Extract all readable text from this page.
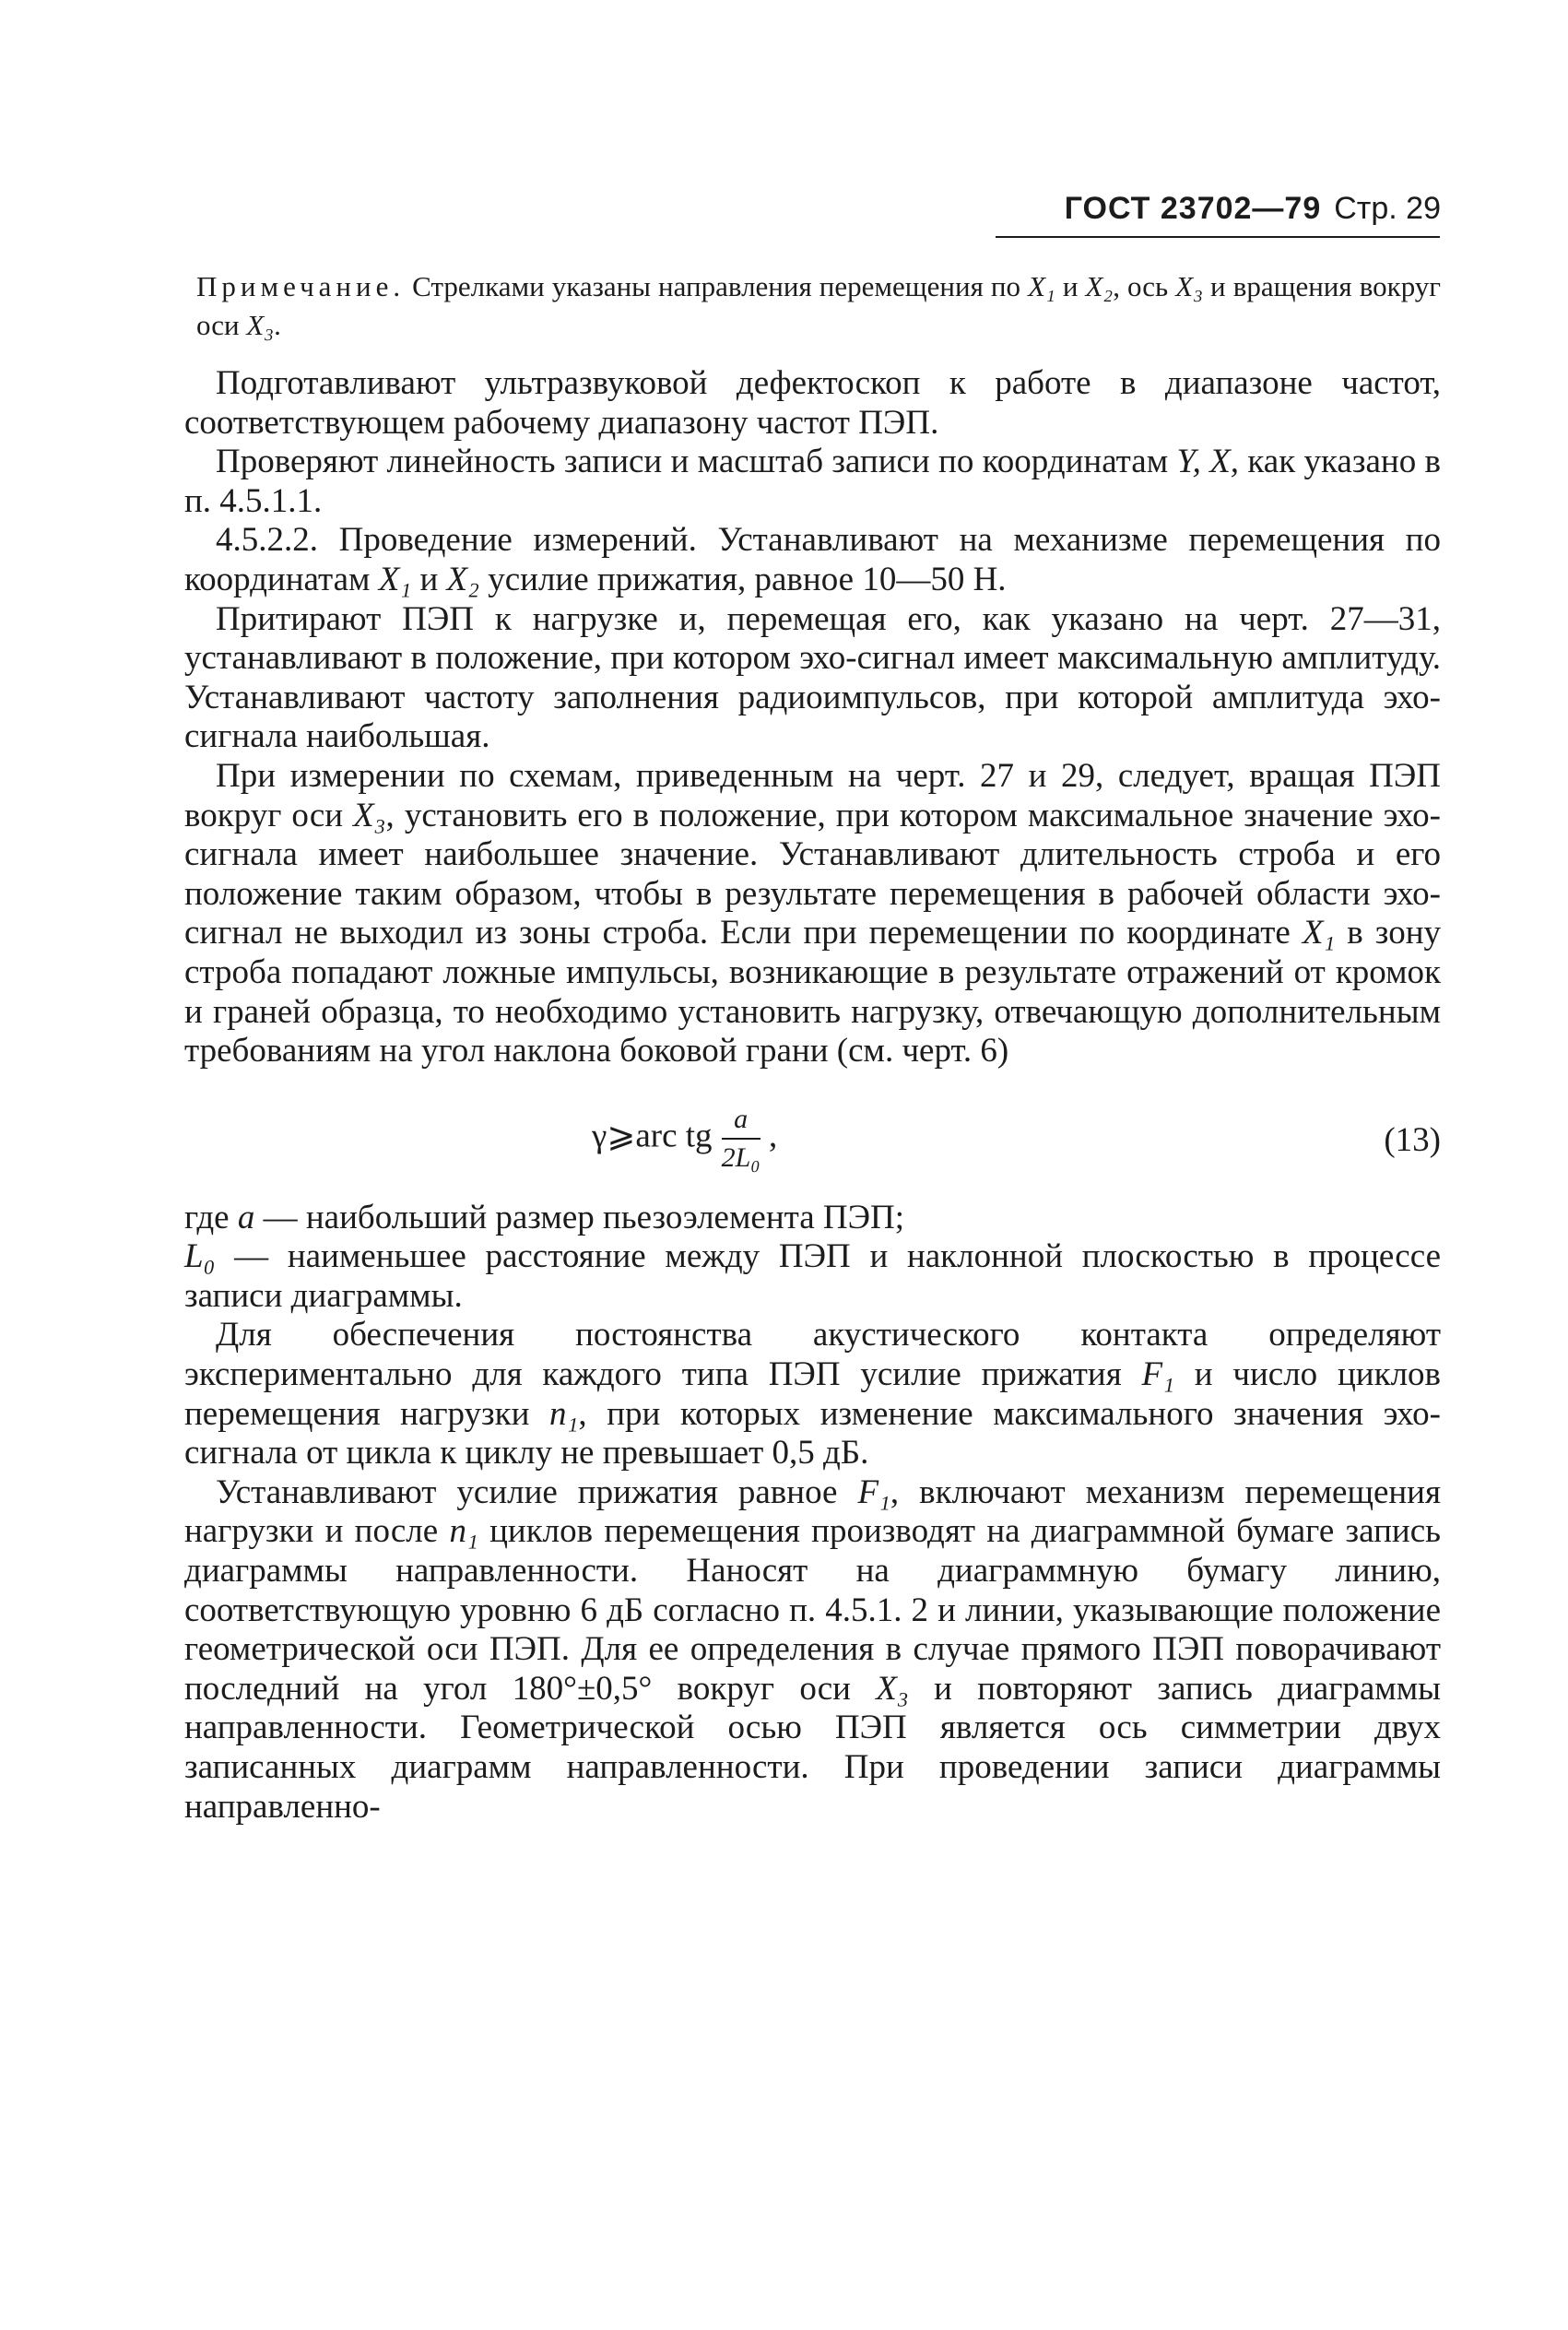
ГОСТ 23702—79 Стр. 29
Примечание. Стрелками указаны направления перемещения по X₁ и X₂, ось X₃ и вращения вокруг оси X₃.

Подготавливают ультразвуковой дефектоскоп к работе в диапазоне частот, соответствующем рабочему диапазону частот ПЭП.

Проверяют линейность записи и масштаб записи по координатам Y, X, как указано в п. 4.5.1.1.

4.5.2.2. Проведение измерений. Устанавливают на механизме перемещения по координатам X₁ и X₂ усилие прижатия, равное 10—50 Н.

Притирают ПЭП к нагрузке и, перемещая его, как указано на черт. 27—31, устанавливают в положение, при котором эхо-сигнал имеет максимальную амплитуду. Устанавливают частоту заполнения радиоимпульсов, при которой амплитуда эхо-сигнала наибольшая.

При измерении по схемам, приведенным на черт. 27 и 29, следует, вращая ПЭП вокруг оси X₃, установить его в положение, при котором максимальное значение эхо-сигнала имеет наибольшее значение. Устанавливают длительность строба и его положение таким образом, чтобы в результате перемещения в рабочей области эхо-сигнал не выходил из зоны строба. Если при перемещении по координате X₁ в зону строба попадают ложные импульсы, возникающие в результате отражений от кромок и граней образца, то необходимо установить нагрузку, отвечающую дополнительным требованиям на угол наклона боковой грани (см. черт. 6)

γ⩾arc tg $\frac{a}{\text{2L₀}}$ ,	(13)

где a — наибольший размер пьезоэлемента ПЭП;

L₀ — наименьшее расстояние между ПЭП и наклонной плоскостью в процессе записи диаграммы.

Для обеспечения постоянства акустического контакта определяют экспериментально для каждого типа ПЭП усилие прижатия F₁ и число циклов перемещения нагрузки n₁, при которых изменение максимального значения эхо-сигнала от цикла к циклу не превышает 0,5 дБ.

Устанавливают усилие прижатия равное F₁, включают механизм перемещения нагрузки и после n₁ циклов перемещения производят на диаграммной бумаге запись диаграммы направленности. Наносят на диаграммную бумагу линию, соответствующую уровню 6 дБ согласно п. 4.5.1. 2 и линии, указывающие положение геометрической оси ПЭП. Для ее определения в случае прямого ПЭП поворачивают последний на угол 180°±0,5° вокруг оси X₃ и повторяют запись диаграммы направленности. Геометрической осью ПЭП является ось симметрии двух записанных диаграмм направленности. При проведении записи диаграммы направленно-
